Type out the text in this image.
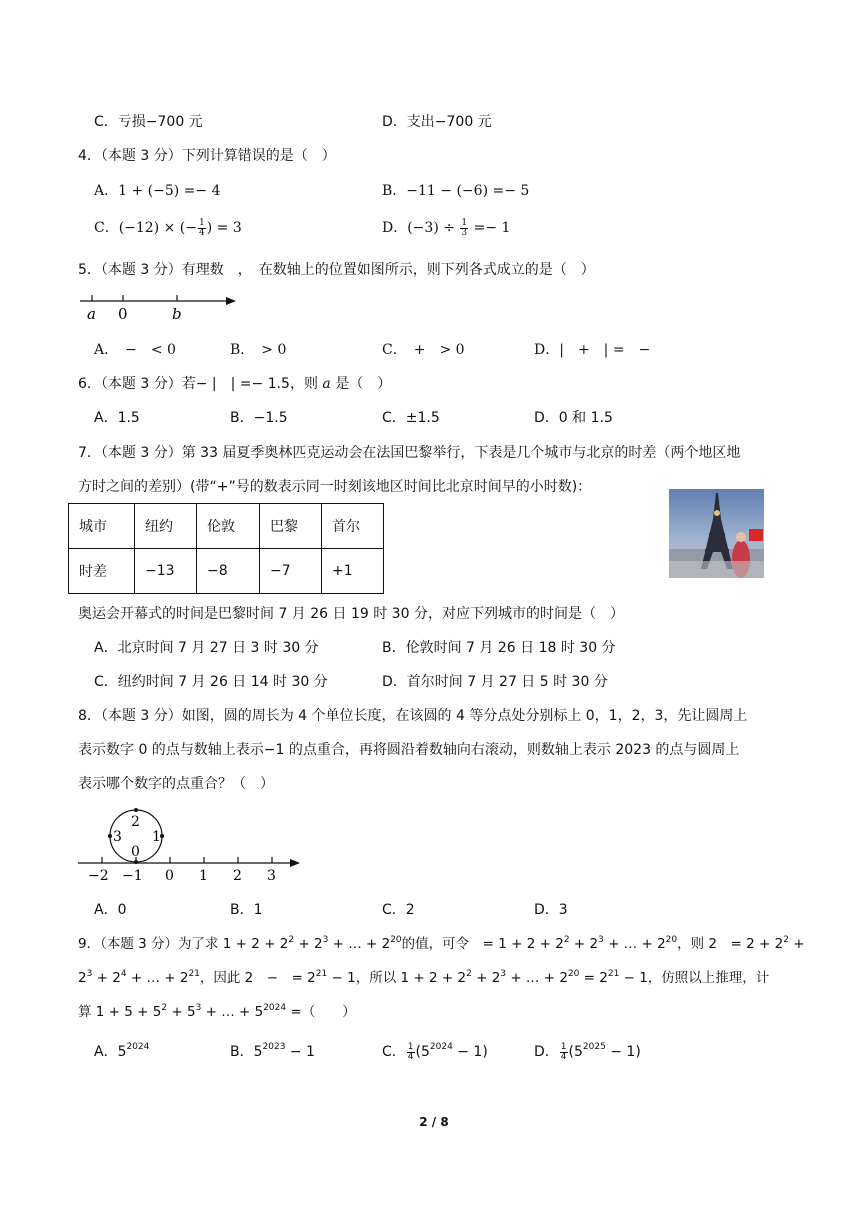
C．亏损−700 元	D．支出−700 元
4．（本题 3 分）下列计算错误的是（　）
A．1 + (−5) =− 4	B．−11 − (−6) =− 5
C．(−12) × (− $\frac{1}{4}$ ) = 3	D．$(-3) \div \frac{1}{3} =- 1$
5．（本题 3 分）有理数　，　在数轴上的位置如图所示，则下列各式成立的是（　）
a 0	b
A．　−　< 0	B．　> 0	C．　+　> 0	D．|　+　| =　−　
6．（本题 3 分）若− |　| =− 1.5，则 a 是（　）
A．1.5	B．−1.5	C．±1.5	D．0 和 1.5
7．（本题 3 分）第 33 届夏季奥林匹克运动会在法国巴黎举行，下表是几个城市与北京的时差（两个地区地
方时之间的差别）(带“+”号的数表示同一时刻该地区时间比北京时间早的小时数)：
城市	纽约	伦敦	巴黎	首尔
时差	−13	−8	−7	+1
奥运会开幕式的时间是巴黎时间 7 月 26 日 19 时 30 分，对应下列城市的时间是（　）
A．北京时间 7 月 27 日 3 时 30 分	B．伦敦时间 7 月 26 日 18 时 30 分
C．纽约时间 7 月 26 日 14 时 30 分	D．首尔时间 7 月 27 日 5 时 30 分
8．（本题 3 分）如图，圆的周长为 4 个单位长度，在该圆的 4 等分点处分别标上 0，1，2，3，先让圆周上
表示数字 0 的点与数轴上表示−1 的点重合，再将圆沿着数轴向右滚动，则数轴上表示 2023 的点与圆周上
表示哪个数字的点重合？（　）
2
3 1
0
−2 −1 0 1 2 3
A．0	B．1	C．2	D．3
9．（本题 3 分）为了求 $1 + 2 + 2^2 + 2^3$ + … + $2^{20}$的值，可令　= $1 + 2 + 2^2 + 2^3$ + … + $2^{20}$，则 2　= $2 + 2^2$ +
$2^3 + 2^4$ + … + $2^{21}$，因此 2　−　= $2^{21} - 1$，所以 $1 + 2 + 2^2 + 2^3$ + … + $2^{20} = 2^{21} - 1$，仿照以上推理，计
算 $1 + 5 + 5^2 + 5^3$ + … + $5^{2024}$ =（　　）
A．$5^{2024}$	B．$5^{2023} - 1$	C． $\frac{1}{4} (5^{2024} - 1)$	D． $\frac{1}{4} (5^{2025} - 1)$
2 / 8
